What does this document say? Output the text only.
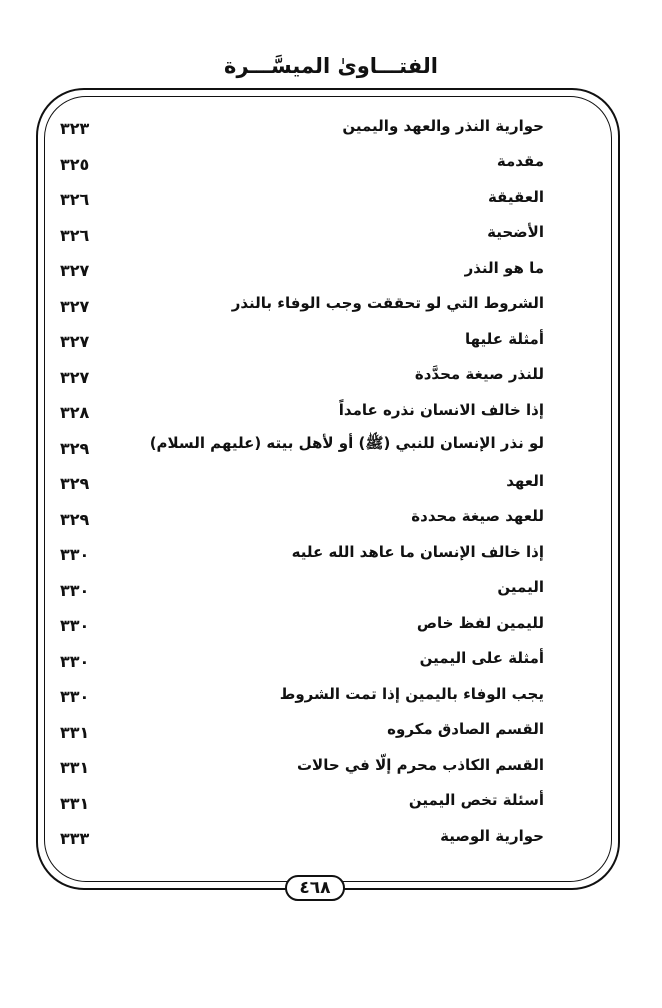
الفتـــاوىٰ الميسَّـــرة
حوارية النذر والعهد واليمين
٣٢٣
مقدمة
٣٢٥
العقيقة
٣٢٦
الأضحية
٣٢٦
ما هو النذر
٣٢٧
الشروط التي لو تحققت وجب الوفاء بالنذر
٣٢٧
أمثلة عليها
٣٢٧
للنذر صيغة محدَّدة
٣٢٧
إذا خالف الانسان نذره عامداً
٣٢٨
لو نذر الإنسان للنبي (ﷺ) أو لأهل بيته (عليهم السلام)
٣٢٩
العهد
٣٢٩
للعهد صيغة محددة
٣٢٩
إذا خالف الإنسان ما عاهد الله عليه
٣٣٠
اليمين
٣٣٠
لليمين لفظ خاص
٣٣٠
أمثلة على اليمين
٣٣٠
يجب الوفاء باليمين إذا تمت الشروط
٣٣٠
القسم الصادق مكروه
٣٣١
القسم الكاذب محرم إلّا في حالات
٣٣١
أسئلة تخص اليمين
٣٣١
حوارية الوصية
٣٣٣
٤٦٨
